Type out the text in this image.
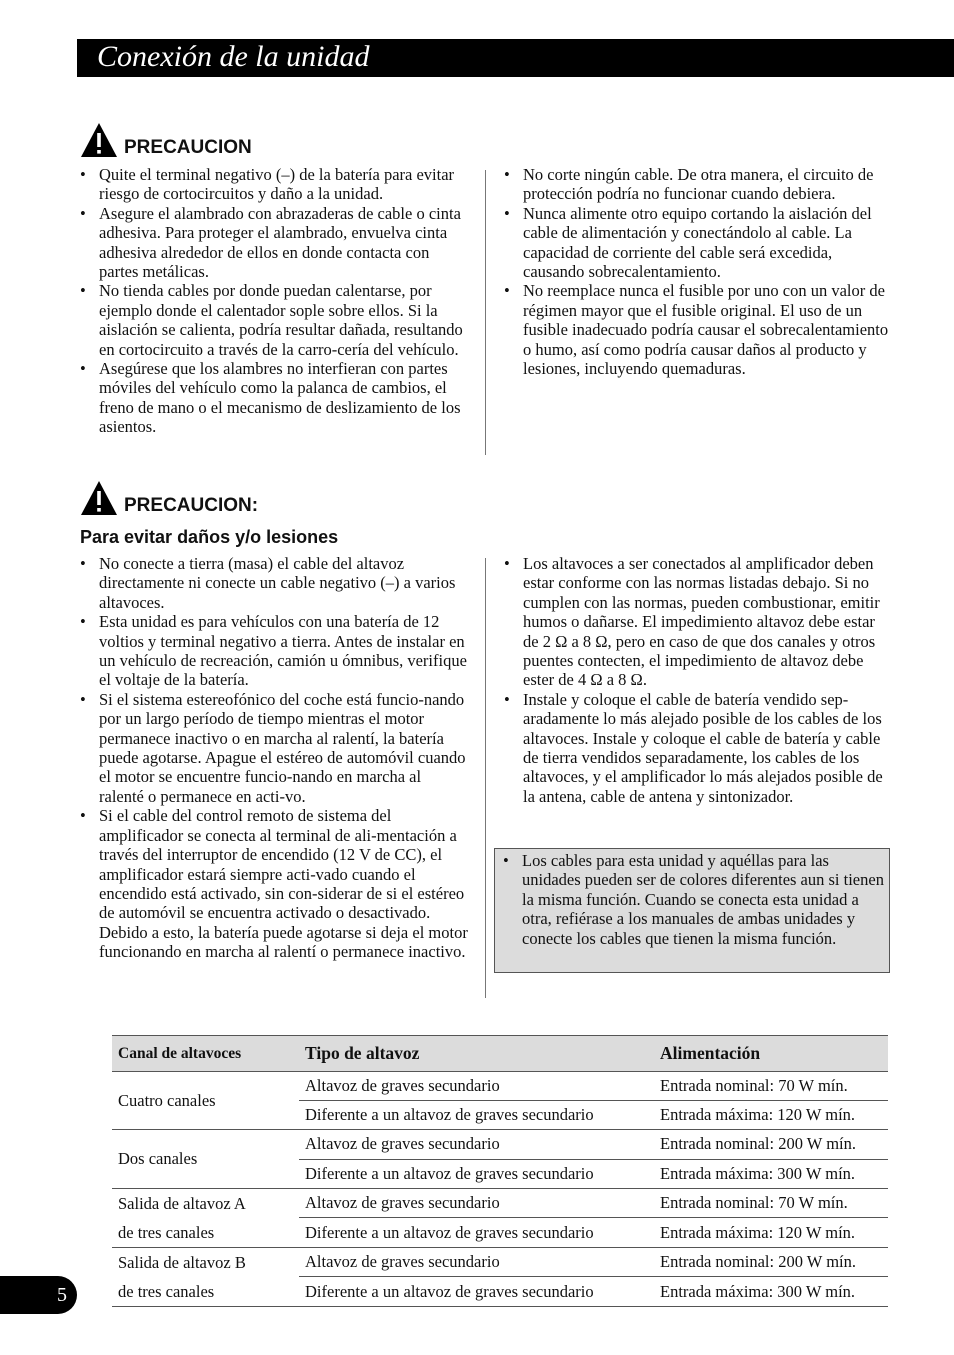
Conexión de la unidad
PRECAUCION
• Quite el terminal negativo (–) de la batería para evitar riesgo de cortocircuitos y daño a la unidad.
• Asegure el alambrado con abrazaderas de cable o cinta adhesiva. Para proteger el alambrado, envuelva cinta adhesiva alrededor de ellos en donde contacta con partes metálicas.
• No tienda cables por donde puedan calentarse, por ejemplo donde el calentador sople sobre ellos. Si la aislación se calienta, podría resultar dañada, resultando en cortocircuito a través de la carro-cería del vehículo.
• Asegúrese que los alambres no interfieran con partes móviles del vehículo como la palanca de cambios, el freno de mano o el mecanismo de deslizamiento de los asientos.
• No corte ningún cable. De otra manera, el circuito de protección podría no funcionar cuando debiera.
• Nunca alimente otro equipo cortando la aislación del cable de alimentación y conectándolo al cable. La capacidad de corriente del cable será excedida, causando sobrecalentamiento.
• No reemplace nunca el fusible por uno con un valor de régimen mayor que el fusible original. El uso de un fusible inadecuado podría causar el sobrecalentamiento o humo, así como podría causar daños al producto y lesiones, incluyendo quemaduras.
PRECAUCION:
Para evitar daños y/o lesiones
• No conecte a tierra (masa) el cable del altavoz directamente ni conecte un cable negativo (–) a varios altavoces.
• Esta unidad es para vehículos con una batería de 12 voltios y terminal negativo a tierra. Antes de instalar en un vehículo de recreación, camión u ómnibus, verifique el voltaje de la batería.
• Si el sistema estereofónico del coche está funcio-nando por un largo período de tiempo mientras el motor permanece inactivo o en marcha al ralentí, la batería puede agotarse. Apague el estéreo de automóvil cuando el motor se encuentre funcio-nando en marcha al ralenté o permanece en acti-vo.
• Si el cable del control remoto de sistema del amplificador se conecta al terminal de ali-mentación a través del interruptor de encendido (12 V de CC), el amplificador estará siempre acti-vado cuando el encendido está activado, sin con-siderar de si el estéreo de automóvil se encuentra activado o desactivado. Debido a esto, la batería puede agotarse si deja el motor funcionando en marcha al ralentí o permanece inactivo.
• Los altavoces a ser conectados al amplificador deben estar conforme con las normas listadas debajo. Si no cumplen con las normas, pueden combustionar, emitir humos o dañarse. El impedimiento altavoz debe estar de 2 Ω a 8 Ω, pero en caso de que dos canales y otros puentes contecten, el impedimiento de altavoz debe ester de 4 Ω a 8 Ω.
• Instale y coloque el cable de batería vendido sep-aradamente lo más alejado posible de los cables de los altavoces. Instale y coloque el cable de batería y cable de tierra vendidos separadamente, los cables de los altavoces, y el amplificador lo más alejados posible de la antena, cable de antena y sintonizador.
• Los cables para esta unidad y aquéllas para las unidades pueden ser de colores diferentes aun si tienen la misma función. Cuando se conecta esta unidad a otra, refiérase a los manuales de ambas unidades y conecte los cables que tienen la misma función.
Canal de altavoces	Tipo de altavoz	Alimentación
Cuatro canales	Altavoz de graves secundario	Entrada nominal: 70 W mín.
	Diferente a un altavoz de graves secundario	Entrada máxima: 120 W mín.
Dos canales	Altavoz de graves secundario	Entrada nominal: 200 W mín.
	Diferente a un altavoz de graves secundario	Entrada máxima: 300 W mín.

Salida de altavoz A
de tres canales	Altavoz de graves secundario	Entrada nominal: 70 W mín.
	Diferente a un altavoz de graves secundario	Entrada máxima: 120 W mín.

Salida de altavoz B
de tres canales	Altavoz de graves secundario	Entrada nominal: 200 W mín.
	Diferente a un altavoz de graves secundario	Entrada máxima: 300 W mín.
5
